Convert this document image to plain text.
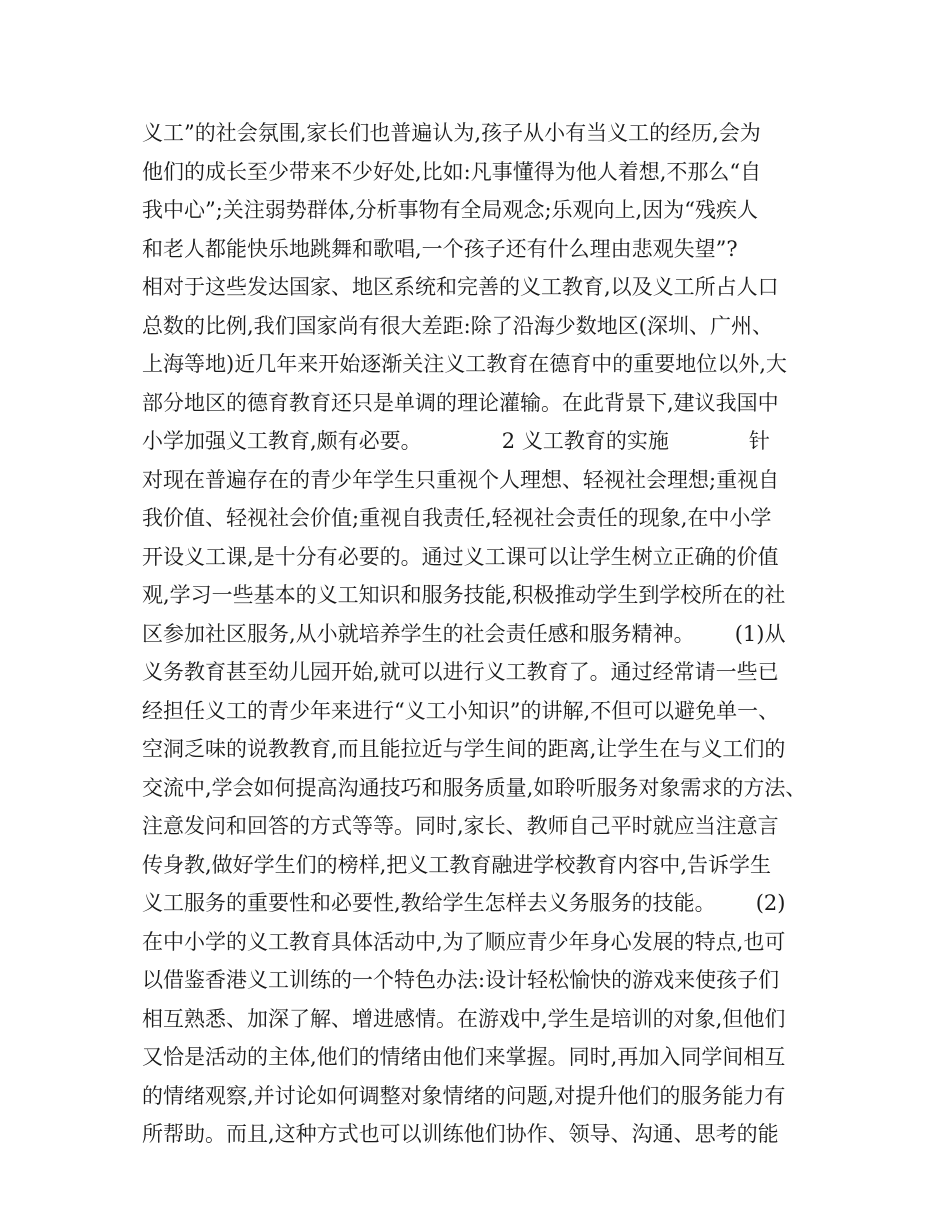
义工”的社会氛围,家长们也普遍认为,孩子从小有当义工的经历,会为
他们的成长至少带来不少好处,比如:凡事懂得为他人着想,不那么“自
我中心”;关注弱势群体,分析事物有全局观念;乐观向上,因为“残疾人
和老人都能快乐地跳舞和歌唱,一个孩子还有什么理由悲观失望”?
相对于这些发达国家、地区系统和完善的义工教育,以及义工所占人口
总数的比例,我们国家尚有很大差距:除了沿海少数地区(深圳、广州、
上海等地)近几年来开始逐渐关注义工教育在德育中的重要地位以外,大
部分地区的德育教育还只是单调的理论灌输。在此背景下,建议我国中
小学加强义工教育,颇有必要。            2 义工教育的实施            针
对现在普遍存在的青少年学生只重视个人理想、轻视社会理想;重视自
我价值、轻视社会价值;重视自我责任,轻视社会责任的现象,在中小学
开设义工课,是十分有必要的。通过义工课可以让学生树立正确的价值
观,学习一些基本的义工知识和服务技能,积极推动学生到学校所在的社
区参加社区服务,从小就培养学生的社会责任感和服务精神。      (1)从
义务教育甚至幼儿园开始,就可以进行义工教育了。通过经常请一些已
经担任义工的青少年来进行“义工小知识”的讲解,不但可以避免单一、
空洞乏味的说教教育,而且能拉近与学生间的距离,让学生在与义工们的
交流中,学会如何提高沟通技巧和服务质量,如聆听服务对象需求的方法、
注意发问和回答的方式等等。同时,家长、教师自己平时就应当注意言
传身教,做好学生们的榜样,把义工教育融进学校教育内容中,告诉学生
义工服务的重要性和必要性,教给学生怎样去义务服务的技能。      (2)
在中小学的义工教育具体活动中,为了顺应青少年身心发展的特点,也可
以借鉴香港义工训练的一个特色办法:设计轻松愉快的游戏来使孩子们
相互熟悉、加深了解、增进感情。在游戏中,学生是培训的对象,但他们
又恰是活动的主体,他们的情绪由他们来掌握。同时,再加入同学间相互
的情绪观察,并讨论如何调整对象情绪的问题,对提升他们的服务能力有
所帮助。而且,这种方式也可以训练他们协作、领导、沟通、思考的能
